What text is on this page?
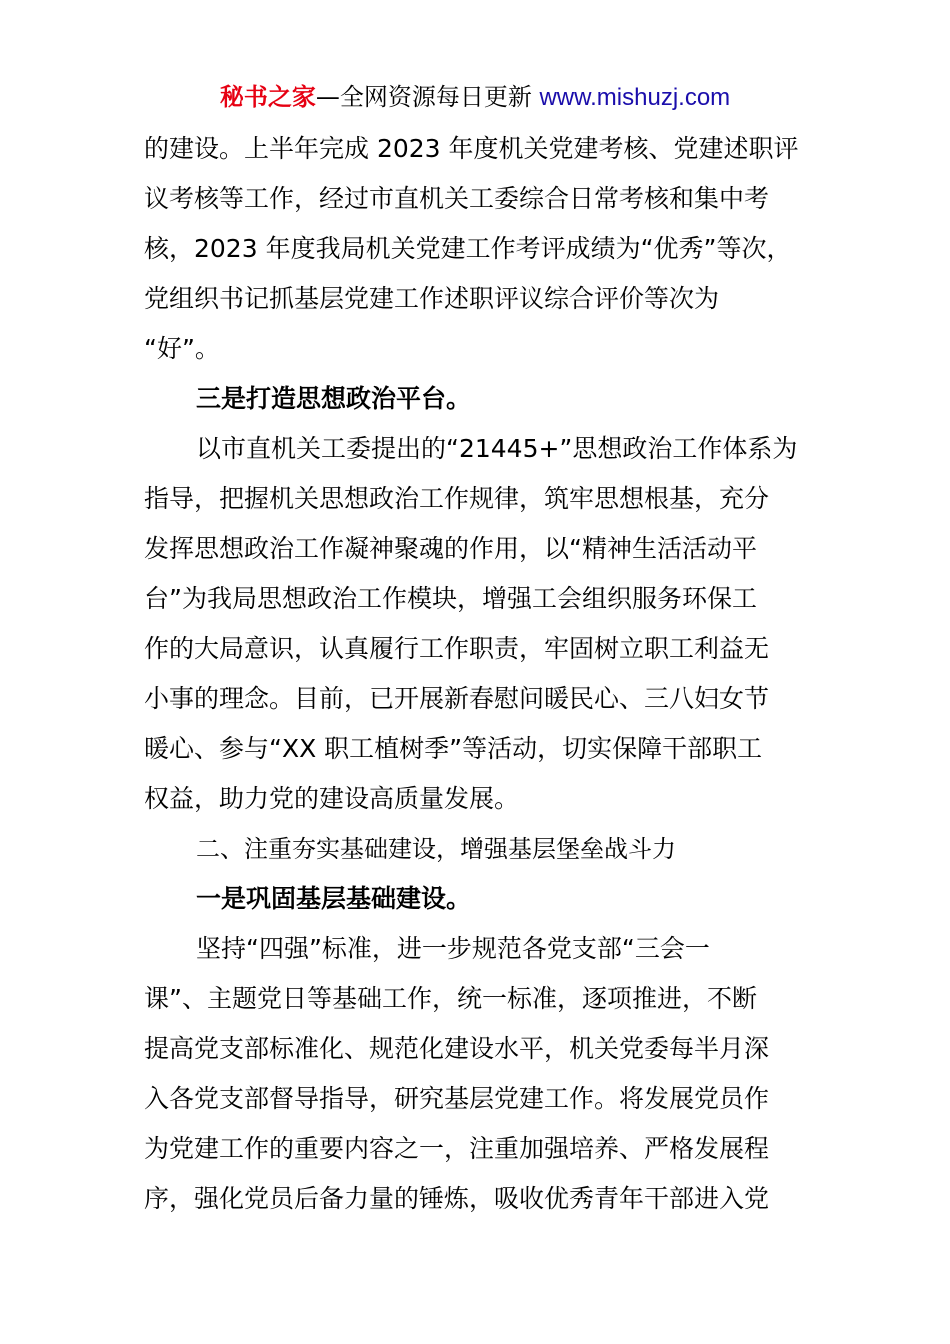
秘书之家—全网资源每日更新 www.mishuzj.com
的建设。上半年完成 2023 年度机关党建考核、党建述职评
议考核等工作，经过市直机关工委综合日常考核和集中考
核，2023 年度我局机关党建工作考评成绩为“优秀”等次，
党组织书记抓基层党建工作述职评议综合评价等次为
“好”。
三是打造思想政治平台。
以市直机关工委提出的“21445+”思想政治工作体系为
指导，把握机关思想政治工作规律，筑牢思想根基，充分
发挥思想政治工作凝神聚魂的作用，以“精神生活活动平
台”为我局思想政治工作模块，增强工会组织服务环保工
作的大局意识，认真履行工作职责，牢固树立职工利益无
小事的理念。目前，已开展新春慰问暖民心、三八妇女节
暖心、参与“XX 职工植树季”等活动，切实保障干部职工
权益，助力党的建设高质量发展。
二、注重夯实基础建设，增强基层堡垒战斗力
一是巩固基层基础建设。
坚持“四强”标准，进一步规范各党支部“三会一
课”、主题党日等基础工作，统一标准，逐项推进，不断
提高党支部标准化、规范化建设水平，机关党委每半月深
入各党支部督导指导，研究基层党建工作。将发展党员作
为党建工作的重要内容之一，注重加强培养、严格发展程
序，强化党员后备力量的锤炼，吸收优秀青年干部进入党
